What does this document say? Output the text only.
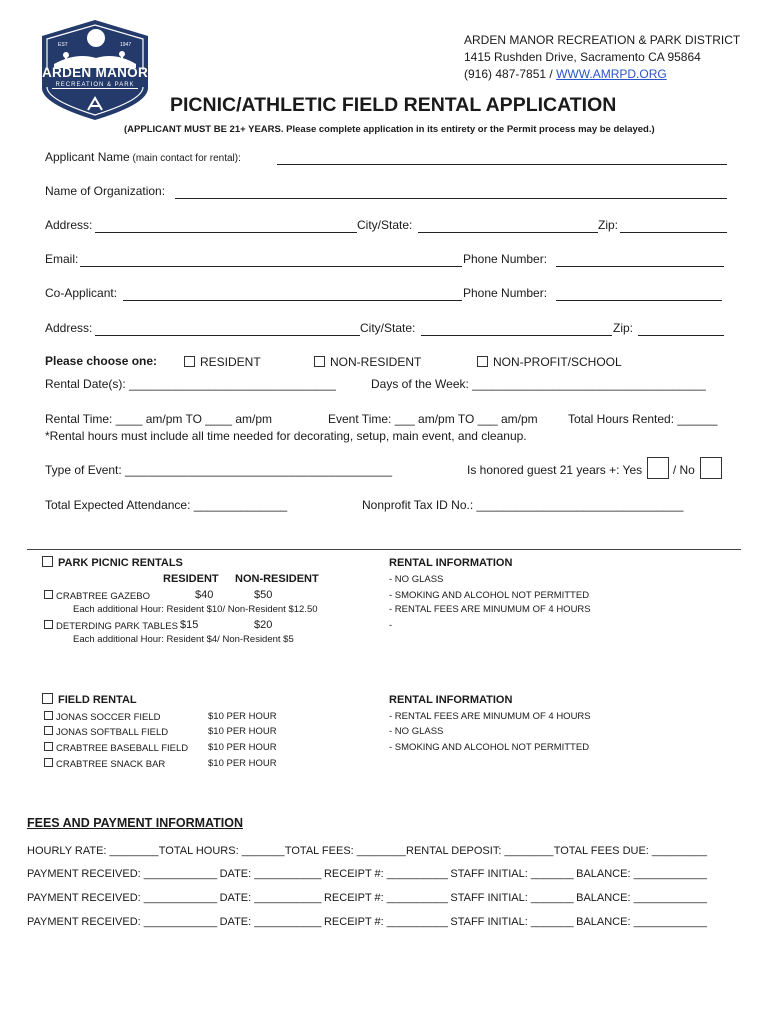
ARDEN MANOR
RECREATION & PARK
EST	1947	ARDEN MANOR RECREATION & PARK DISTRICT
1415 Rushden Drive, Sacramento CA 95864
(916) 487-7851 / WWW.AMRPD.ORG
PICNIC/ATHLETIC FIELD RENTAL APPLICATION
(APPLICANT MUST BE 21+ YEARS. Please complete application in its entirety or the Permit process may be delayed.)
Applicant Name (main contact for rental):
Name of Organization:
Address:	City/State:	Zip:
Email:	Phone Number:
Co-Applicant:	Phone Number:
Address:	City/State:	Zip:
Please choose one:	RESIDENT	NON-RESIDENT	NON-PROFIT/SCHOOL
Rental Date(s): _______________________________	Days of the Week: ___________________________________
Rental Time: ____ am/pm TO ____ am/pm	Event Time: ___ am/pm TO ___ am/pm	Total Hours Rented: ______
*Rental hours must include all time needed for decorating, setup, main event, and cleanup.
Type of Event: ________________________________________	Is honored guest 21 years +: Yes	/ No
Total Expected Attendance: ______________	Nonprofit Tax ID No.: _______________________________
PARK PICNIC RENTALS
RESIDENT NON-RESIDENT
CRABTREE GAZEBO	$40	$50
Each additional Hour: Resident $10/ Non-Resident $12.50
DETERDING PARK TABLES $15	$20
Each additional Hour: Resident $4/ Non-Resident $5
RENTAL INFORMATION
- NO GLASS
- SMOKING AND ALCOHOL NOT PERMITTED
- RENTAL FEES ARE MINUMUM OF 4 HOURS
-
FIELD RENTAL
JONAS SOCCER FIELD	$10 PER HOUR
JONAS SOFTBALL FIELD	$10 PER HOUR
CRABTREE BASEBALL FIELD $10 PER HOUR
CRABTREE SNACK BAR	$10 PER HOUR
RENTAL INFORMATION
- RENTAL FEES ARE MINUMUM OF 4 HOURS
- NO GLASS
- SMOKING AND ALCOHOL NOT PERMITTED
FEES AND PAYMENT INFORMATION
HOURLY RATE: ________ TOTAL HOURS: _______ TOTAL FEES: ________ RENTAL DEPOSIT: ________ TOTAL FEES DUE: _________
PAYMENT RECEIVED: ____________ DATE: ___________ RECEIPT #: __________ STAFF INITIAL: _______ BALANCE: ____________
PAYMENT RECEIVED: ____________ DATE: ___________ RECEIPT #: __________ STAFF INITIAL: _______ BALANCE: ____________
PAYMENT RECEIVED: ____________ DATE: ___________ RECEIPT #: __________ STAFF INITIAL: _______ BALANCE: ____________
